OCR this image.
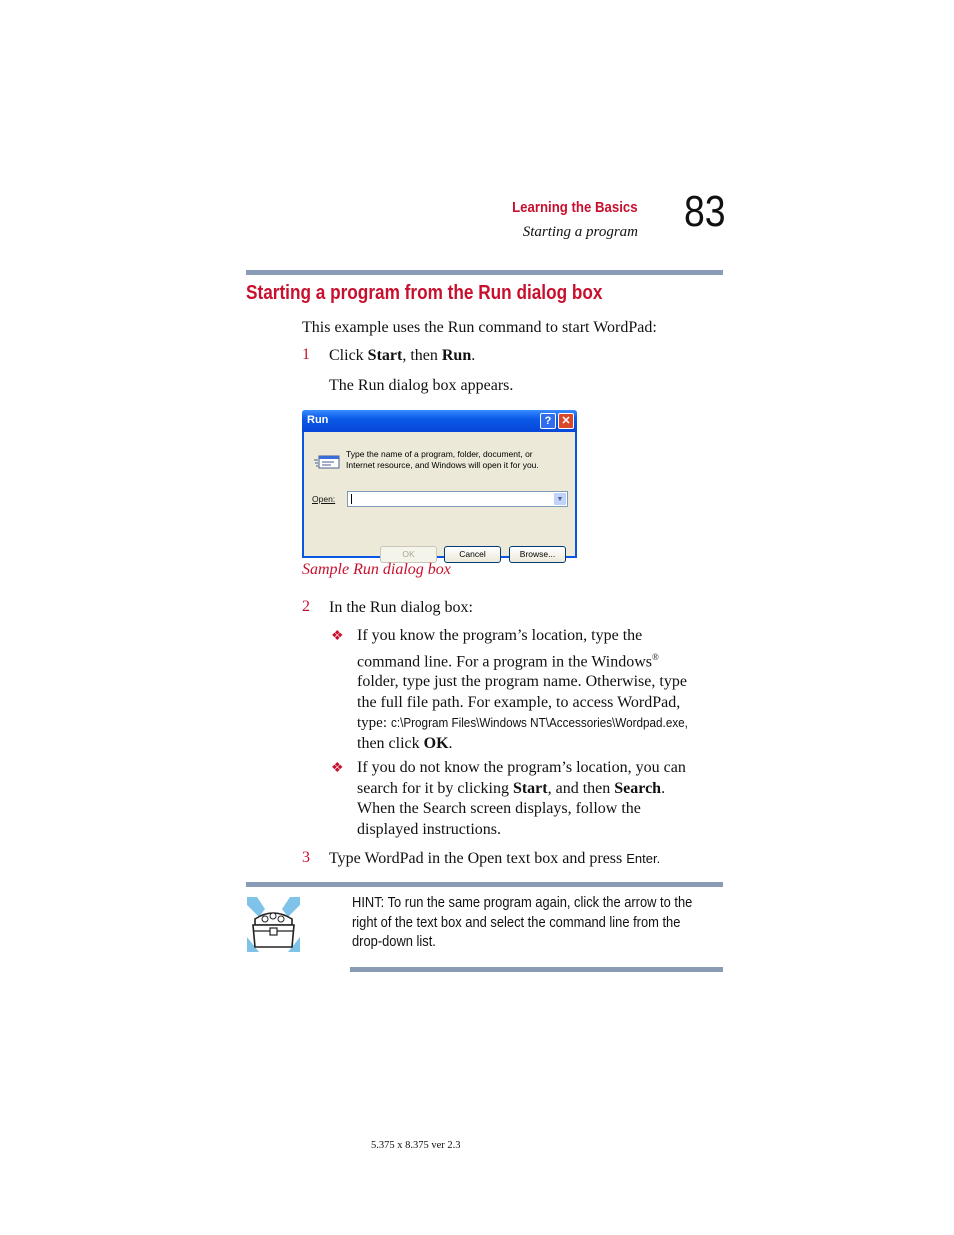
Learning the Basics
Starting a program 83
Starting a program from the Run dialog box
This example uses the Run command to start WordPad:
1 Click Start, then Run.
The Run dialog box appears.
Run	? ✕
Type the name of a program, folder, document, or
Internet resource, and Windows will open it for you.
Open:	▼
OK	Cancel	Browse...
Sample Run dialog box
2 In the Run dialog box:
❖ If you know the program’s location, type the
command line. For a program in the Windows®
folder, type just the program name. Otherwise, type
the full file path. For example, to access WordPad,
type: c:\Program Files\Windows NT\Accessories\Wordpad.exe,
then click OK.
❖ If you do not know the program’s location, you can
search for it by clicking Start, and then Search.
When the Search screen displays, follow the
displayed instructions.
3 Type WordPad in the Open text box and press Enter.
HINT: To run the same program again, click the arrow to the
right of the text box and select the command line from the
drop-down list.
5.375 x 8.375 ver 2.3
